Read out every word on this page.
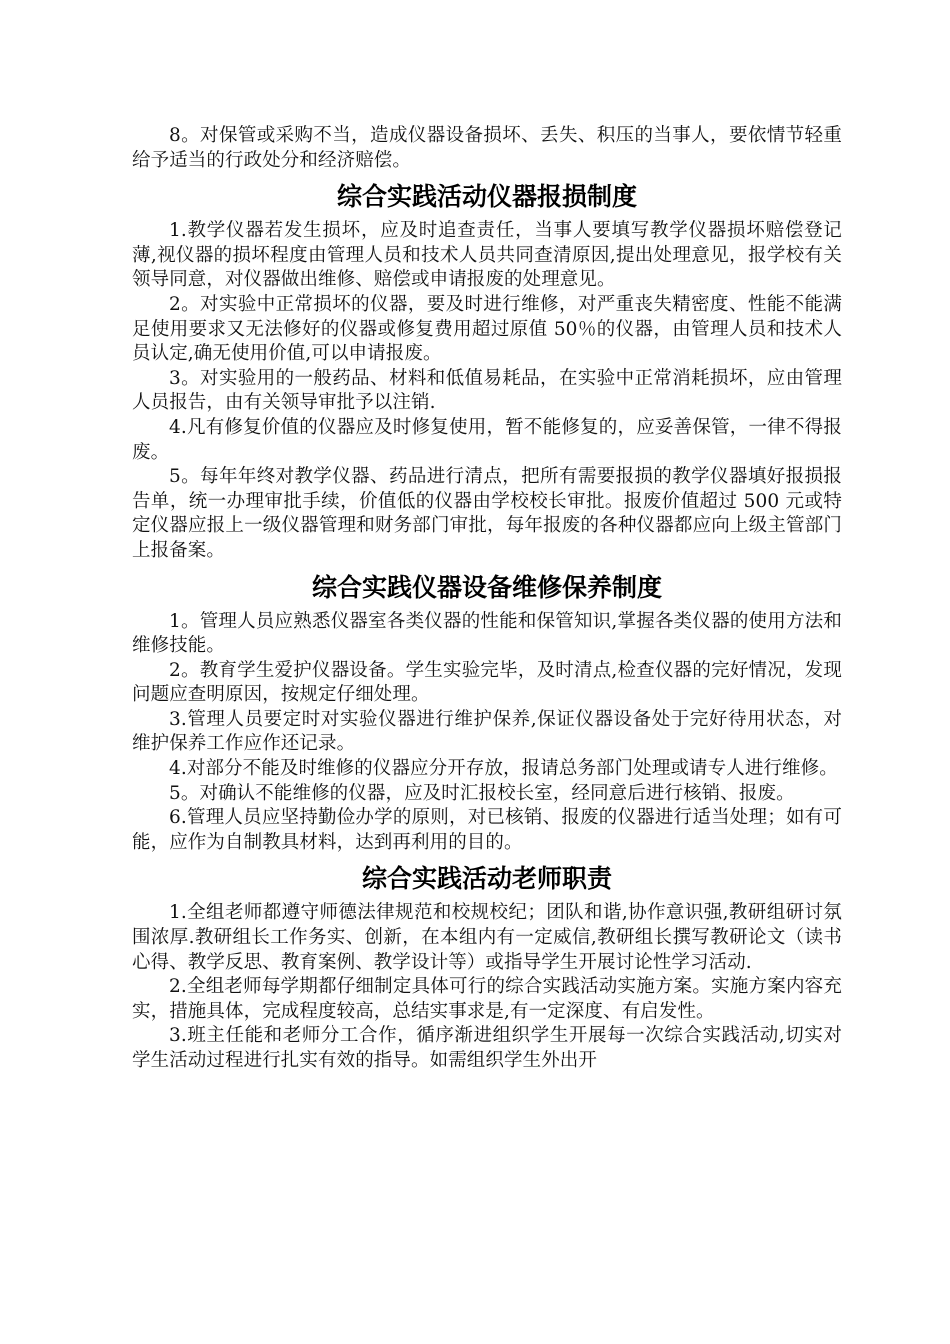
8。对保管或采购不当，造成仪器设备损坏、丢失、积压的当事人，要依情节轻重给予适当的行政处分和经济赔偿。

综合实践活动仪器报损制度

1.教学仪器若发生损坏，应及时追查责任，当事人要填写教学仪器损坏赔偿登记薄,视仪器的损坏程度由管理人员和技术人员共同查清原因,提出处理意见，报学校有关领导同意，对仪器做出维修、赔偿或申请报废的处理意见。

2。对实验中正常损坏的仪器，要及时进行维修，对严重丧失精密度、性能不能满足使用要求又无法修好的仪器或修复费用超过原值 50％的仪器，由管理人员和技术人员认定,确无使用价值,可以申请报废。

3。对实验用的一般药品、材料和低值易耗品，在实验中正常消耗损坏，应由管理人员报告，由有关领导审批予以注销.

4.凡有修复价值的仪器应及时修复使用，暂不能修复的，应妥善保管，一律不得报废。

5。每年年终对教学仪器、药品进行清点，把所有需要报损的教学仪器填好报损报告单，统一办理审批手续，价值低的仪器由学校校长审批。报废价值超过 500 元或特定仪器应报上一级仪器管理和财务部门审批，每年报废的各种仪器都应向上级主管部门上报备案。

综合实践仪器设备维修保养制度

1。管理人员应熟悉仪器室各类仪器的性能和保管知识,掌握各类仪器的使用方法和维修技能。

2。教育学生爱护仪器设备。学生实验完毕，及时清点,检查仪器的完好情况，发现问题应查明原因，按规定仔细处理。

3.管理人员要定时对实验仪器进行维护保养,保证仪器设备处于完好待用状态，对维护保养工作应作还记录。

4.对部分不能及时维修的仪器应分开存放，报请总务部门处理或请专人进行维修。

5。对确认不能维修的仪器，应及时汇报校长室，经同意后进行核销、报废。

6.管理人员应坚持勤俭办学的原则，对已核销、报废的仪器进行适当处理；如有可能，应作为自制教具材料，达到再利用的目的。

综合实践活动老师职责

1.全组老师都遵守师德法律规范和校规校纪；团队和谐,协作意识强,教研组研讨氛围浓厚.教研组长工作务实、创新，在本组内有一定威信,教研组长撰写教研论文（读书心得、教学反思、教育案例、教学设计等）或指导学生开展讨论性学习活动.

2.全组老师每学期都仔细制定具体可行的综合实践活动实施方案。实施方案内容充实，措施具体，完成程度较高，总结实事求是,有一定深度、有启发性。

3.班主任能和老师分工合作，循序渐进组织学生开展每一次综合实践活动,切实对学生活动过程进行扎实有效的指导。如需组织学生外出开
